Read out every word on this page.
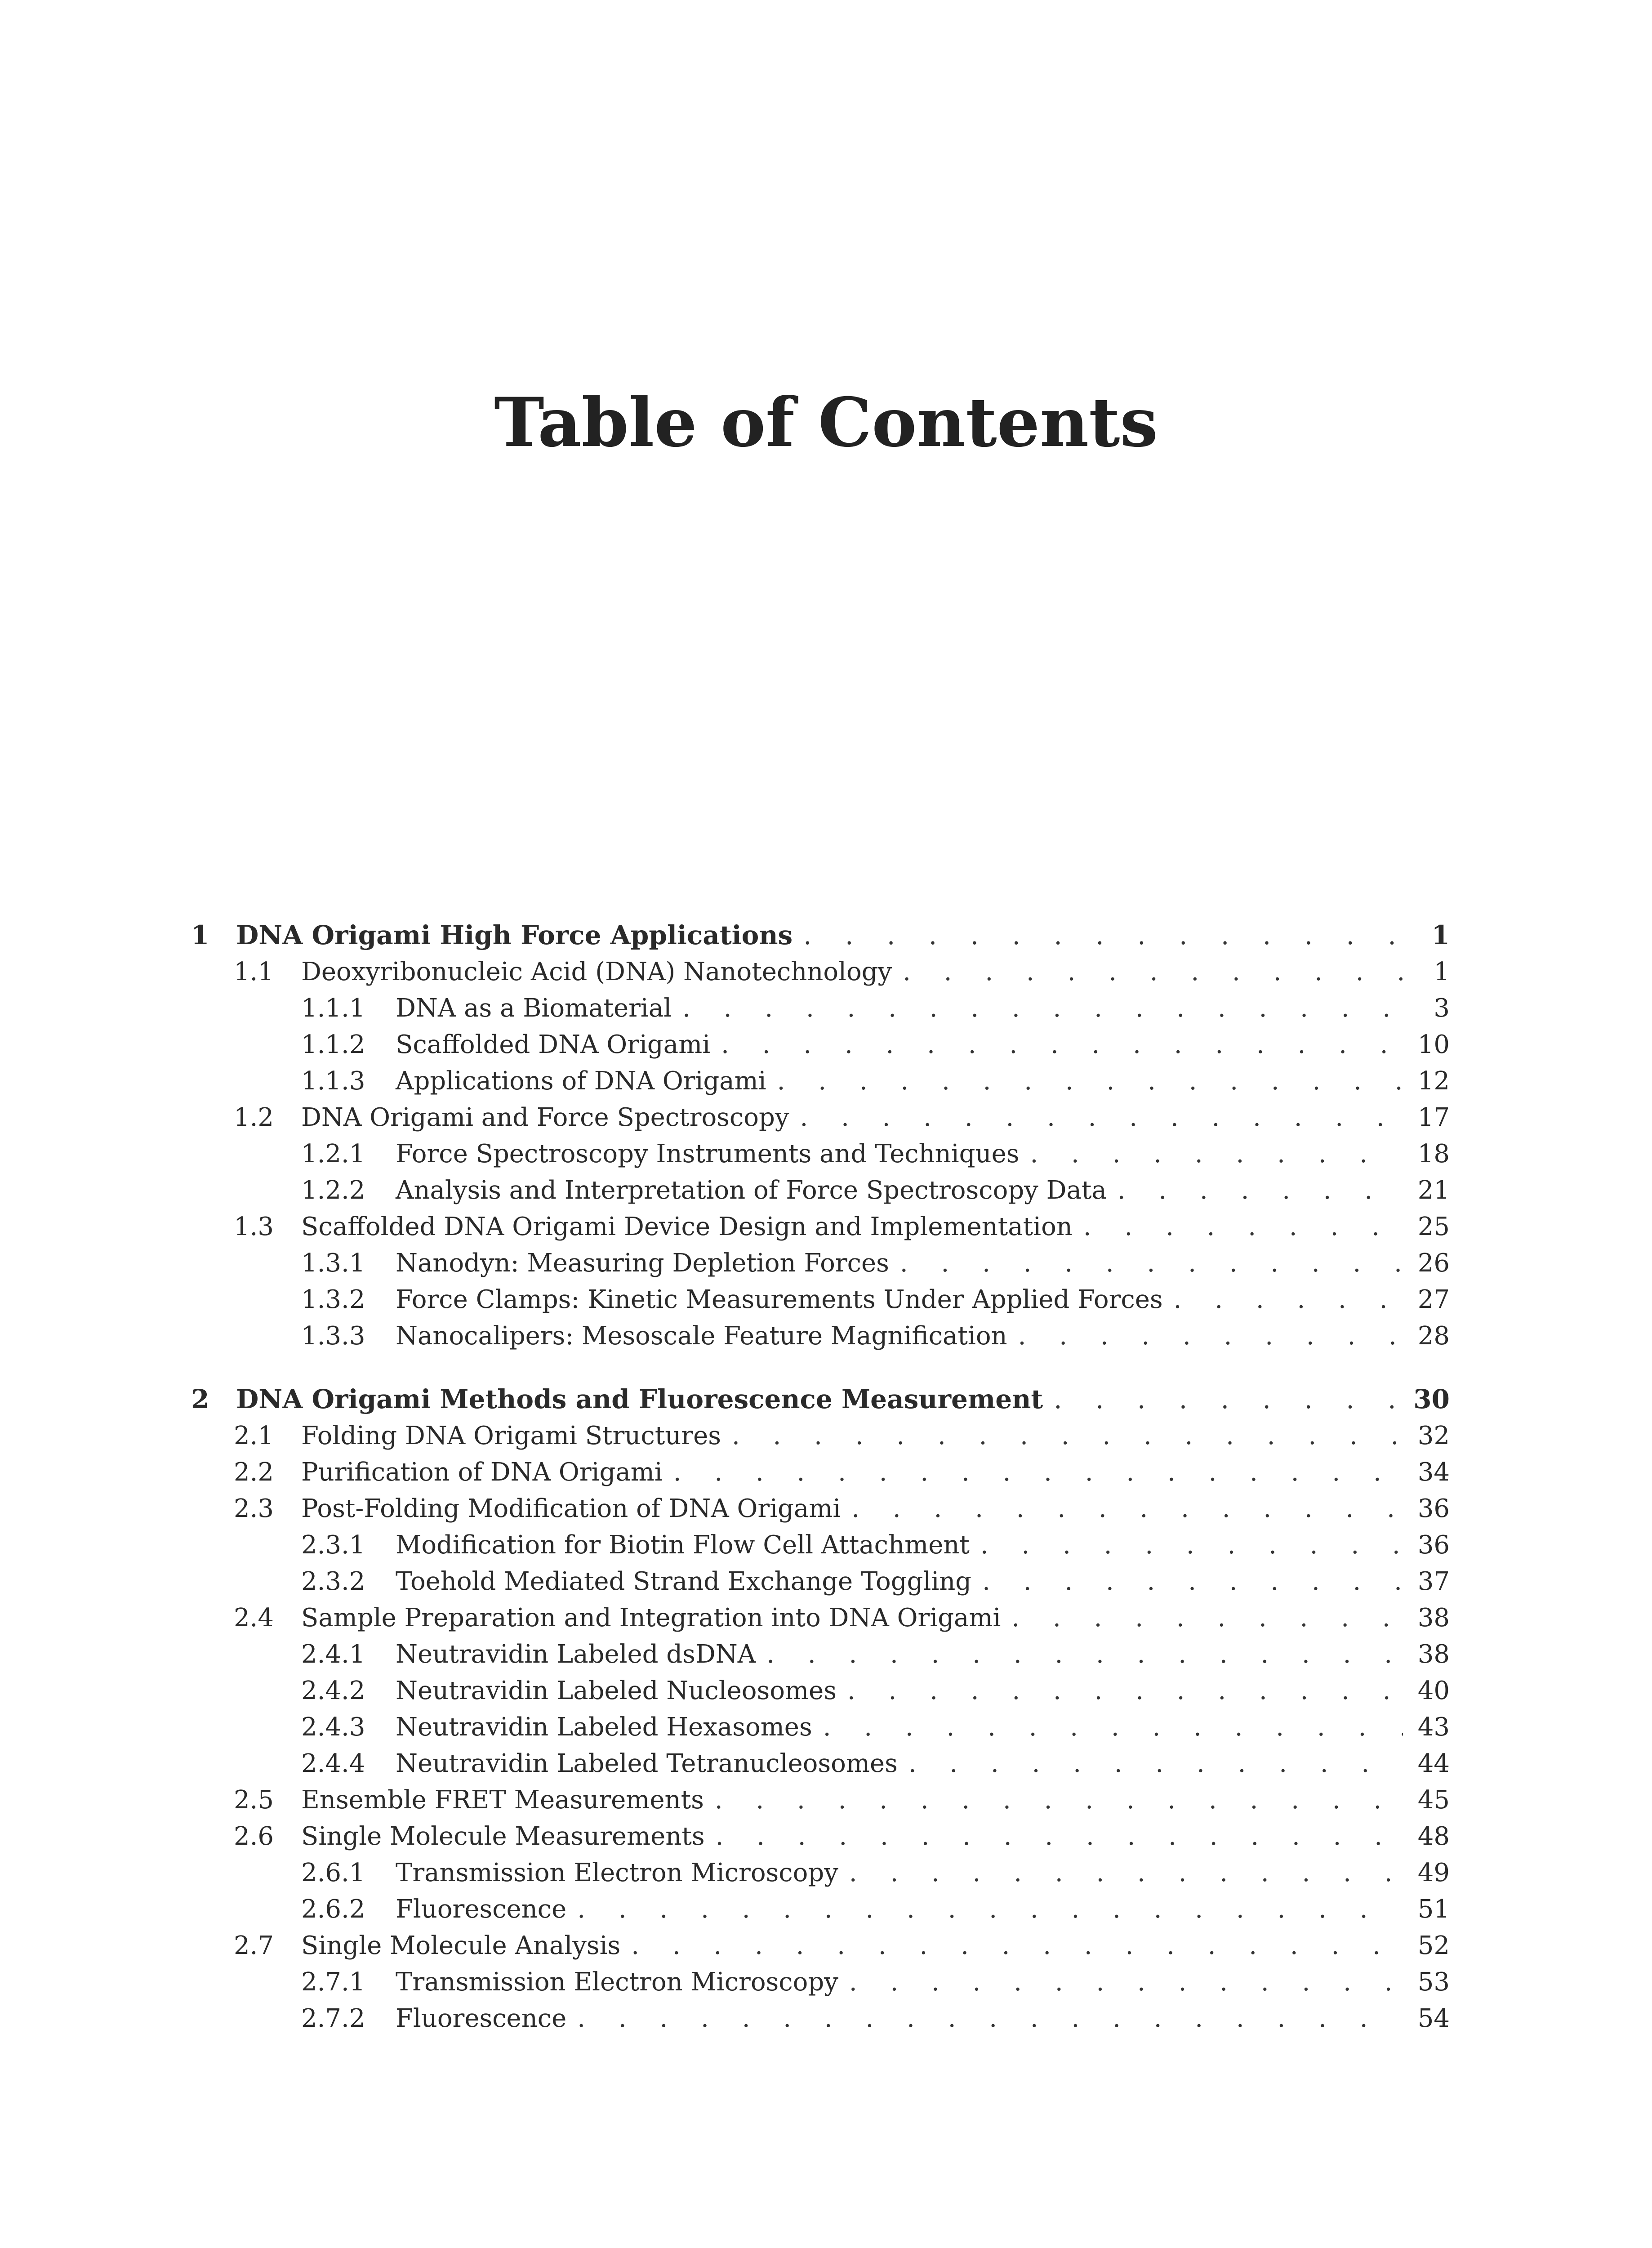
Table of Contents
1	DNA Origami High Force Applications . . .	1
1.1	Deoxyribonucleic Acid (DNA) Nanotechnology . . .	1
1.1.1	DNA as a Biomaterial . . .	3
1.1.2	Scaffolded DNA Origami . . .	10
1.1.3	Applications of DNA Origami . . .	12
1.2	DNA Origami and Force Spectroscopy . . .	17
1.2.1	Force Spectroscopy Instruments and Techniques . . .	18
1.2.2	Analysis and Interpretation of Force Spectroscopy Data . . .	21
1.3	Scaffolded DNA Origami Device Design and Implementation . . .	25
1.3.1	Nanodyn: Measuring Depletion Forces . . .	26
1.3.2	Force Clamps: Kinetic Measurements Under Applied Forces . . .	27
1.3.3	Nanocalipers: Mesoscale Feature Magnification . . .	28
2	DNA Origami Methods and Fluorescence Measurement . . .	30
2.1	Folding DNA Origami Structures . . .	32
2.2	Purification of DNA Origami . . .	34
2.3	Post-Folding Modification of DNA Origami . . .	36
2.3.1	Modification for Biotin Flow Cell Attachment . . .	36
2.3.2	Toehold Mediated Strand Exchange Toggling . . .	37
2.4	Sample Preparation and Integration into DNA Origami . . .	38
2.4.1	Neutravidin Labeled dsDNA . . .	38
2.4.2	Neutravidin Labeled Nucleosomes . . .	40
2.4.3	Neutravidin Labeled Hexasomes . . .	43
2.4.4	Neutravidin Labeled Tetranucleosomes . . .	44
2.5	Ensemble FRET Measurements . . .	45
2.6	Single Molecule Measurements . . .	48
2.6.1	Transmission Electron Microscopy . . .	49
2.6.2	Fluorescence . . .	51
2.7	Single Molecule Analysis . . .	52
2.7.1	Transmission Electron Microscopy . . .	53
2.7.2	Fluorescence . . .	54
